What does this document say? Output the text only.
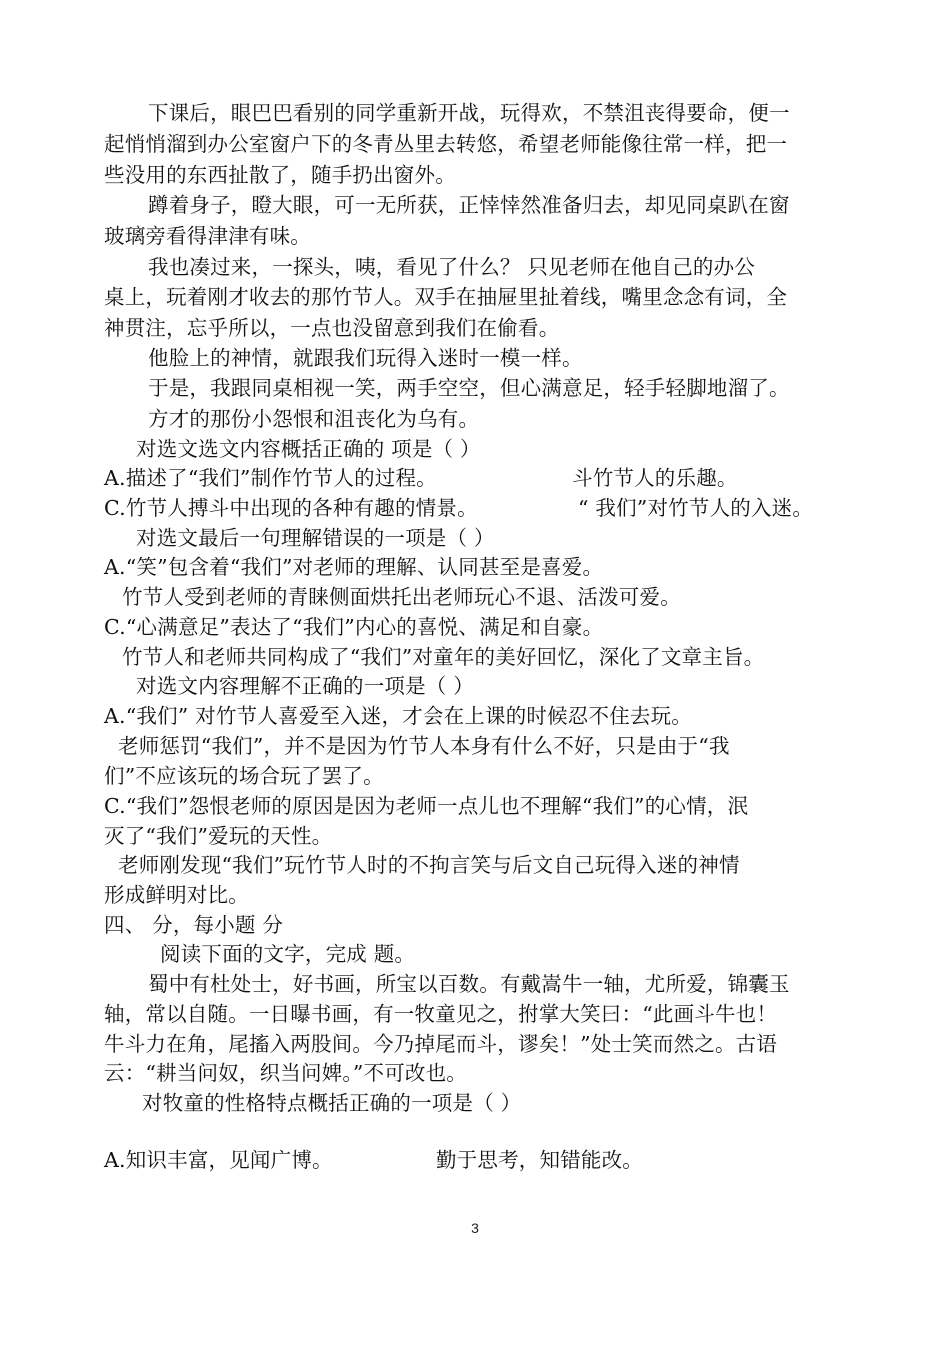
下课后，眼巴巴看别的同学重新开战，玩得欢，不禁沮丧得要命，便一
起悄悄溜到办公室窗户下的冬青丛里去转悠，希望老师能像往常一样，把一
些没用的东西扯散了，随手扔出窗外。
蹲着身子，瞪大眼，可一无所获，正悻悻然准备归去，却见同桌趴在窗
玻璃旁看得津津有味。
我也凑过来，一探头，咦，看见了什么？ 只见老师在他自己的办公
桌上，玩着刚才收去的那竹节人。双手在抽屉里扯着线，嘴里念念有词，全
神贯注，忘乎所以，一点也没留意到我们在偷看。
他脸上的神情，就跟我们玩得入迷时一模一样。
于是，我跟同桌相视一笑，两手空空，但心满意足，轻手轻脚地溜了。
方才的那份小怨恨和沮丧化为乌有。
对选文选文内容概括正确的 项是（ ）
A.描述了“我们”制作竹节人的过程。	斗竹节人的乐趣。
C.竹节人搏斗中出现的各种有趣的情景。	“ 我们”对竹节人的入迷。
对选文最后一句理解错误的一项是（ ）
A.“笑”包含着“我们”对老师的理解、认同甚至是喜爱。
竹节人受到老师的青睐侧面烘托出老师玩心不退、活泼可爱。
C.“心满意足”表达了“我们”内心的喜悦、满足和自豪。
竹节人和老师共同构成了“我们”对童年的美好回忆，深化了文章主旨。
对选文内容理解不正确的一项是（ ）
A.“我们” 对竹节人喜爱至入迷，才会在上课的时候忍不住去玩。
老师惩罚“我们”，并不是因为竹节人本身有什么不好，只是由于“我
们”不应该玩的场合玩了罢了。
C.“我们”怨恨老师的原因是因为老师一点儿也不理解“我们”的心情，泯
灭了“我们”爱玩的天性。
老师刚发现“我们”玩竹节人时的不拘言笑与后文自己玩得入迷的神情
形成鲜明对比。
四、 分，每小题 分
阅读下面的文字，完成 题。
蜀中有杜处士，好书画，所宝以百数。有戴嵩牛一轴，尤所爱，锦囊玉
轴，常以自随。一日曝书画，有一牧童见之，拊掌大笑曰：“此画斗牛也！
牛斗力在角，尾搐入两股间。今乃掉尾而斗，谬矣！”处士笑而然之。古语
云：“耕当问奴，织当问婢。”不可改也。
对牧童的性格特点概括正确的一项是（ ）
A.知识丰富，见闻广博。	勤于思考，知错能改。
3
